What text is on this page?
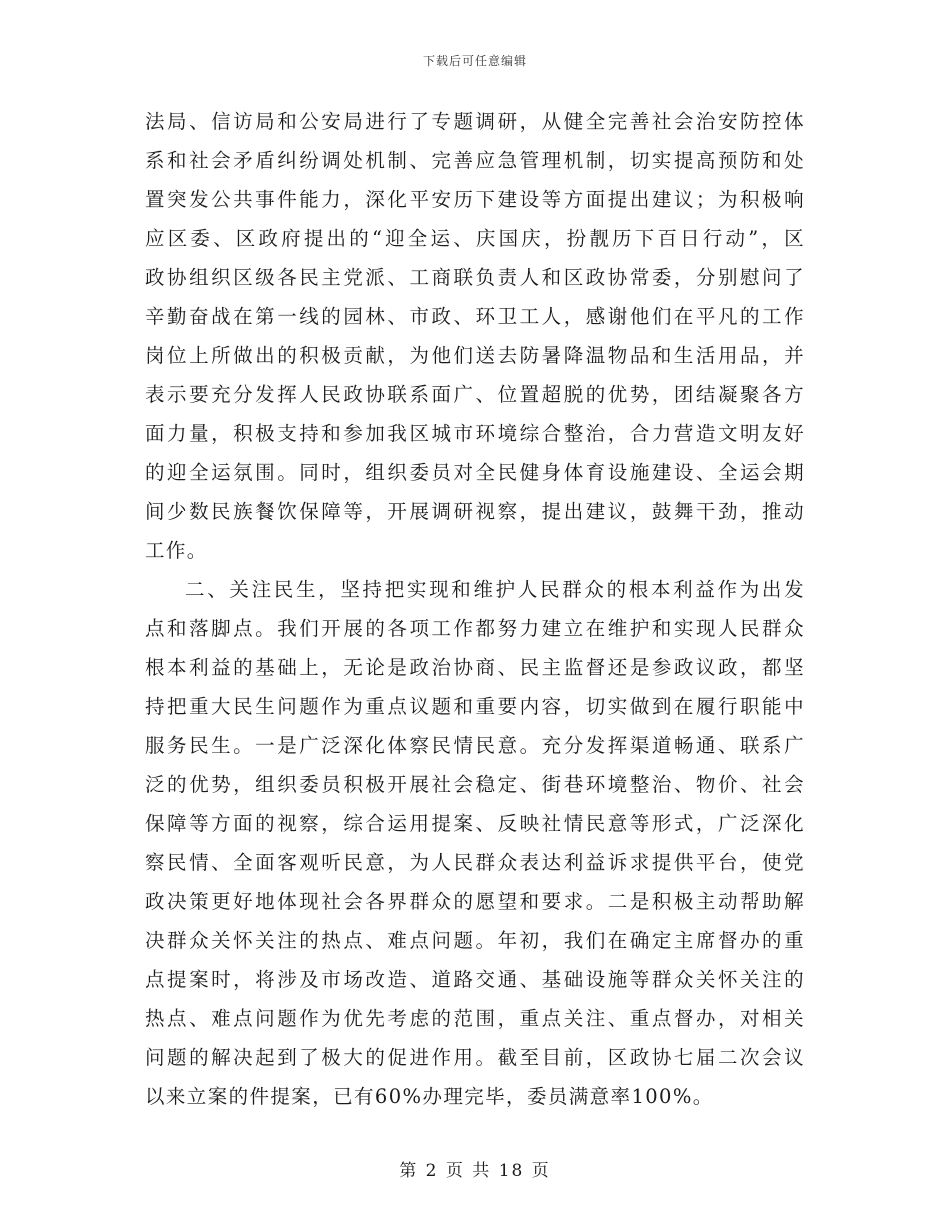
下载后可任意编辑
法局、信访局和公安局进行了专题调研，从健全完善社会治安防控体
系和社会矛盾纠纷调处机制、完善应急管理机制，切实提高预防和处
置突发公共事件能力，深化平安历下建设等方面提出建议；为积极响
应区委、区政府提出的“迎全运、庆国庆，扮靓历下百日行动”，区
政协组织区级各民主党派、工商联负责人和区政协常委，分别慰问了
辛勤奋战在第一线的园林、市政、环卫工人，感谢他们在平凡的工作
岗位上所做出的积极贡献，为他们送去防暑降温物品和生活用品，并
表示要充分发挥人民政协联系面广、位置超脱的优势，团结凝聚各方
面力量，积极支持和参加我区城市环境综合整治，合力营造文明友好
的迎全运氛围。同时，组织委员对全民健身体育设施建设、全运会期
间少数民族餐饮保障等，开展调研视察，提出建议，鼓舞干劲，推动
工作。
二、关注民生，坚持把实现和维护人民群众的根本利益作为出发
点和落脚点。我们开展的各项工作都努力建立在维护和实现人民群众
根本利益的基础上，无论是政治协商、民主监督还是参政议政，都坚
持把重大民生问题作为重点议题和重要内容，切实做到在履行职能中
服务民生。一是广泛深化体察民情民意。充分发挥渠道畅通、联系广
泛的优势，组织委员积极开展社会稳定、街巷环境整治、物价、社会
保障等方面的视察，综合运用提案、反映社情民意等形式，广泛深化
察民情、全面客观听民意，为人民群众表达利益诉求提供平台，使党
政决策更好地体现社会各界群众的愿望和要求。二是积极主动帮助解
决群众关怀关注的热点、难点问题。年初，我们在确定主席督办的重
点提案时，将涉及市场改造、道路交通、基础设施等群众关怀关注的
热点、难点问题作为优先考虑的范围，重点关注、重点督办，对相关
问题的解决起到了极大的促进作用。截至目前，区政协七届二次会议
以来立案的件提案，已有60%办理完毕，委员满意率100%。
第 2 页 共 18 页
